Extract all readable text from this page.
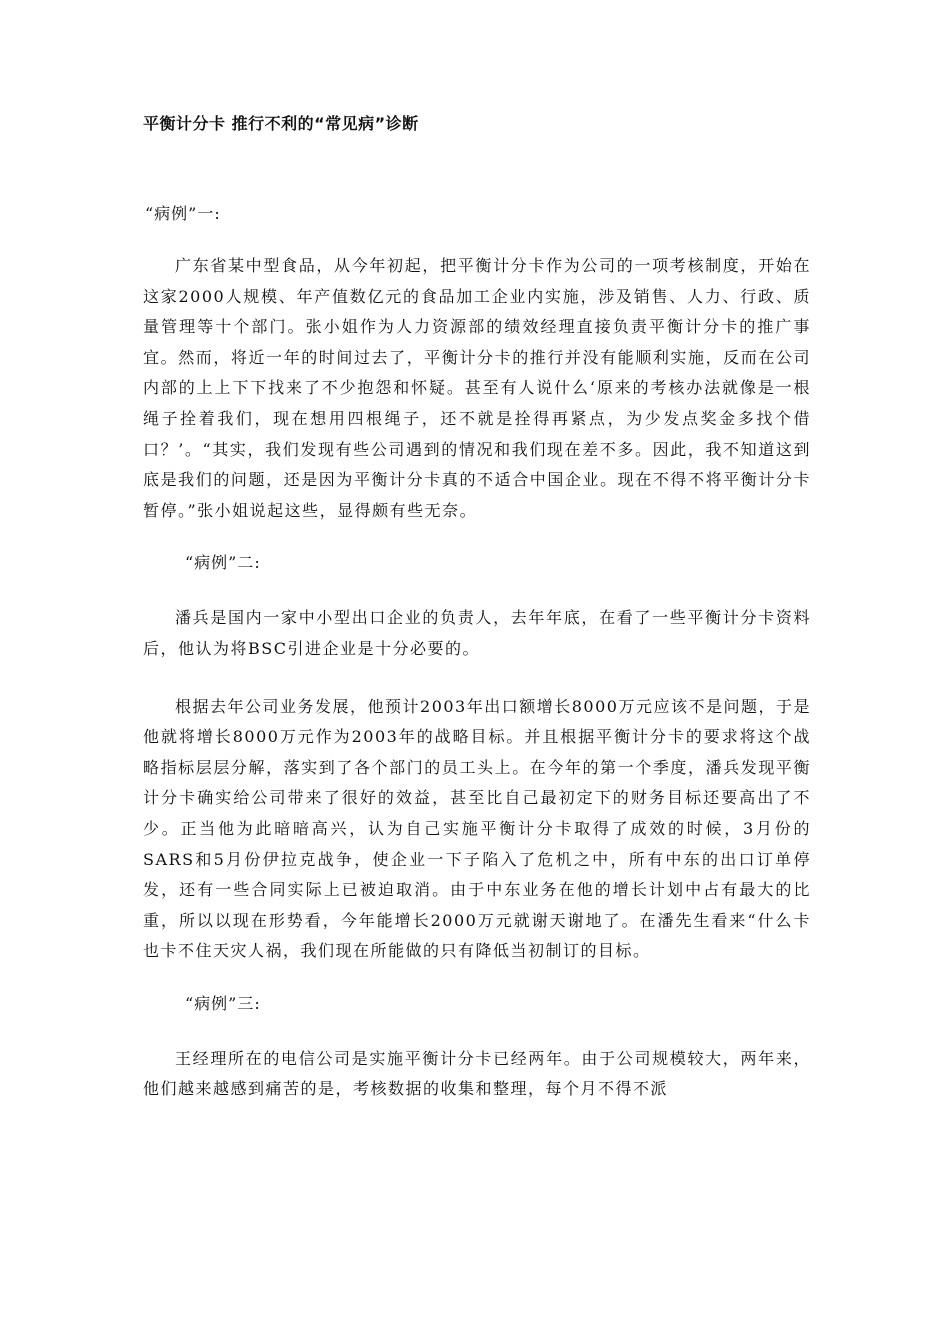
平衡计分卡 推行不利的“常见病”诊断

“病例”一:

广东省某中型食品，从今年初起，把平衡计分卡作为公司的一项考核制度，开始在这家2000人规模、年产值数亿元的食品加工企业内实施，涉及销售、人力、行政、质量管理等十个部门。张小姐作为人力资源部的绩效经理直接负责平衡计分卡的推广事宜。然而，将近一年的时间过去了，平衡计分卡的推行并没有能顺利实施，反而在公司内部的上上下下找来了不少抱怨和怀疑。甚至有人说什么‘原来的考核办法就像是一根绳子拴着我们，现在想用四根绳子，还不就是拴得再紧点，为少发点奖金多找个借口？’。“其实，我们发现有些公司遇到的情况和我们现在差不多。因此，我不知道这到底是我们的问题，还是因为平衡计分卡真的不适合中国企业。现在不得不将平衡计分卡暂停。”张小姐说起这些，显得颇有些无奈。

“病例”二:

潘兵是国内一家中小型出口企业的负责人，去年年底，在看了一些平衡计分卡资料后，他认为将BSC引进企业是十分必要的。

根据去年公司业务发展，他预计2003年出口额增长8000万元应该不是问题，于是他就将增长8000万元作为2003年的战略目标。并且根据平衡计分卡的要求将这个战略指标层层分解，落实到了各个部门的员工头上。在今年的第一个季度，潘兵发现平衡计分卡确实给公司带来了很好的效益，甚至比自己最初定下的财务目标还要高出了不少。正当他为此暗暗高兴，认为自己实施平衡计分卡取得了成效的时候，3月份的SARS和5月份伊拉克战争，使企业一下子陷入了危机之中，所有中东的出口订单停发，还有一些合同实际上已被迫取消。由于中东业务在他的增长计划中占有最大的比重，所以以现在形势看，今年能增长2000万元就谢天谢地了。在潘先生看来“什么卡也卡不住天灾人祸，我们现在所能做的只有降低当初制订的目标。

“病例”三:

王经理所在的电信公司是实施平衡计分卡已经两年。由于公司规模较大，两年来，他们越来越感到痛苦的是，考核数据的收集和整理，每个月不得不派
